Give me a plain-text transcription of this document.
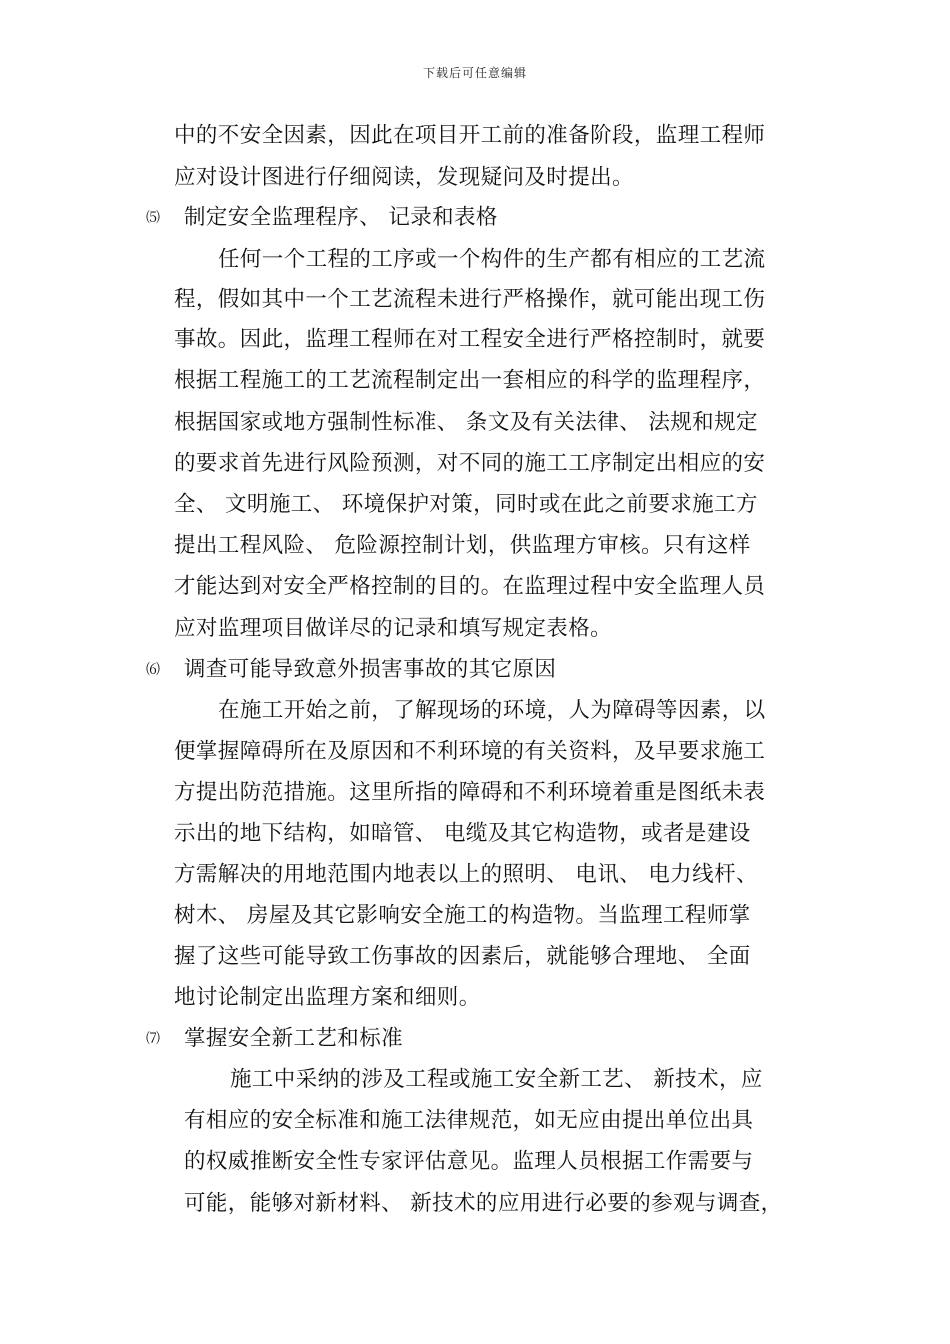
下载后可任意编辑
中的不安全因素，因此在项目开工前的准备阶段，监理工程师
应对设计图进行仔细阅读，发现疑问及时提出。
⑸ 制定安全监理程序、 记录和表格
任何一个工程的工序或一个构件的生产都有相应的工艺流
程，假如其中一个工艺流程未进行严格操作，就可能出现工伤
事故。因此，监理工程师在对工程安全进行严格控制时，就要
根据工程施工的工艺流程制定出一套相应的科学的监理程序，
根据国家或地方强制性标准、 条文及有关法律、 法规和规定
的要求首先进行风险预测，对不同的施工工序制定出相应的安
全、 文明施工、 环境保护对策，同时或在此之前要求施工方
提出工程风险、 危险源控制计划，供监理方审核。只有这样
才能达到对安全严格控制的目的。在监理过程中安全监理人员
应对监理项目做详尽的记录和填写规定表格。
⑹ 调查可能导致意外损害事故的其它原因
在施工开始之前，了解现场的环境，人为障碍等因素，以
便掌握障碍所在及原因和不利环境的有关资料，及早要求施工
方提出防范措施。这里所指的障碍和不利环境着重是图纸未表
示出的地下结构，如暗管、 电缆及其它构造物，或者是建设
方需解决的用地范围内地表以上的照明、 电讯、 电力线杆、
树木、 房屋及其它影响安全施工的构造物。当监理工程师掌
握了这些可能导致工伤事故的因素后，就能够合理地、 全面
地讨论制定出监理方案和细则。
⑺ 掌握安全新工艺和标准
施工中采纳的涉及工程或施工安全新工艺、 新技术，应
有相应的安全标准和施工法律规范，如无应由提出单位出具
的权威推断安全性专家评估意见。监理人员根据工作需要与
可能，能够对新材料、 新技术的应用进行必要的参观与调查，
